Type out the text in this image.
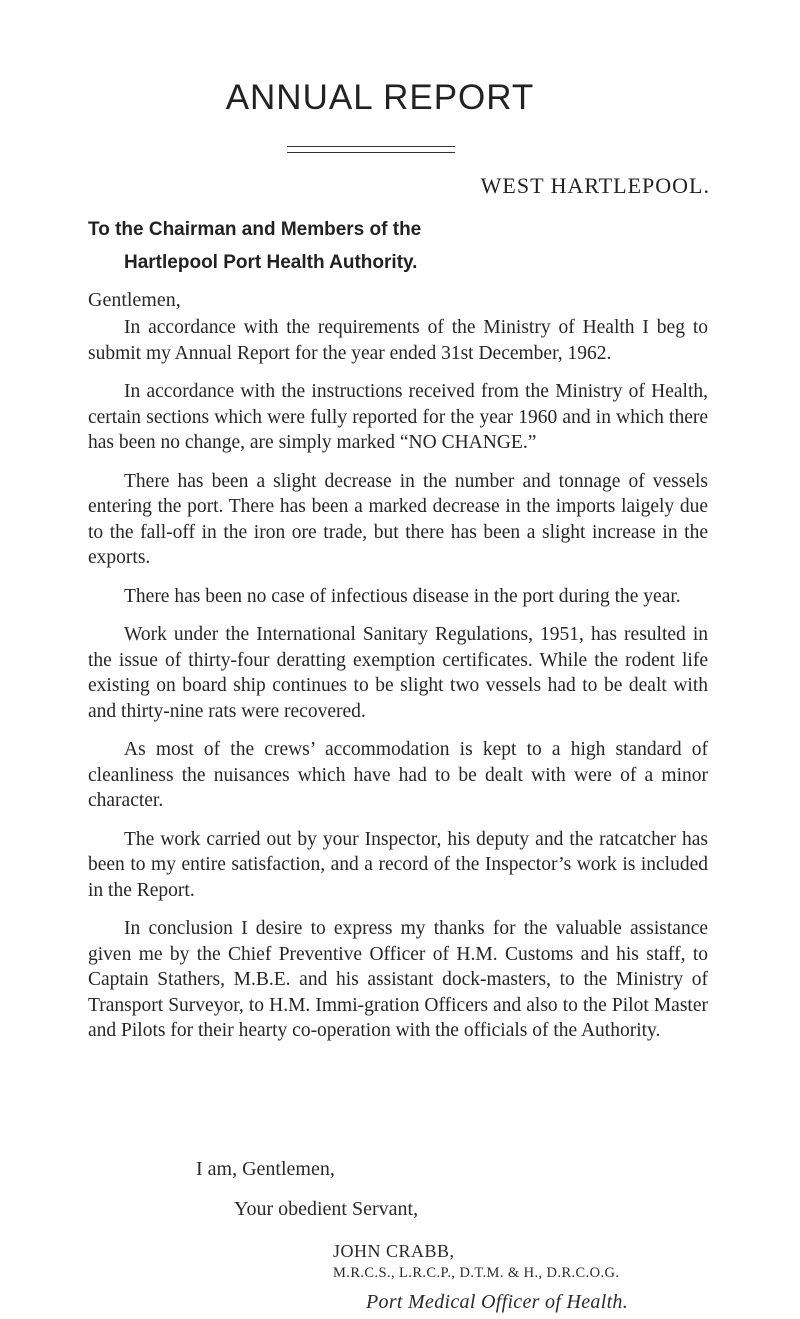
ANNUAL REPORT
WEST HARTLEPOOL.
To the Chairman and Members of the
Hartlepool Port Health Authority.
Gentlemen,

In accordance with the requirements of the Ministry of Health I beg to submit my Annual Report for the year ended 31st December, 1962.

In accordance with the instructions received from the Ministry of Health, certain sections which were fully reported for the year 1960 and in which there has been no change, are simply marked “NO CHANGE.”

There has been a slight decrease in the number and tonnage of vessels entering the port. There has been a marked decrease in the imports laigely due to the fall-off in the iron ore trade, but there has been a slight increase in the exports.

There has been no case of infectious disease in the port during the year.

Work under the International Sanitary Regulations, 1951, has resulted in the issue of thirty-four deratting exemption certificates. While the rodent life existing on board ship continues to be slight two vessels had to be dealt with and thirty-nine rats were recovered.

As most of the crews’ accommodation is kept to a high standard of cleanliness the nuisances which have had to be dealt with were of a minor character.

The work carried out by your Inspector, his deputy and the ratcatcher has been to my entire satisfaction, and a record of the Inspector’s work is included in the Report.

In conclusion I desire to express my thanks for the valuable assistance given me by the Chief Preventive Officer of H.M. Customs and his staff, to Captain Stathers, M.B.E. and his assistant dock-masters, to the Ministry of Transport Surveyor, to H.M. Immi-gration Officers and also to the Pilot Master and Pilots for their hearty co-operation with the officials of the Authority.

I am, Gentlemen,
Your obedient Servant,
JOHN CRABB,
M.R.C.S., L.R.C.P., D.T.M. & H., D.R.C.O.G.
Port Medical Officer of Health.
